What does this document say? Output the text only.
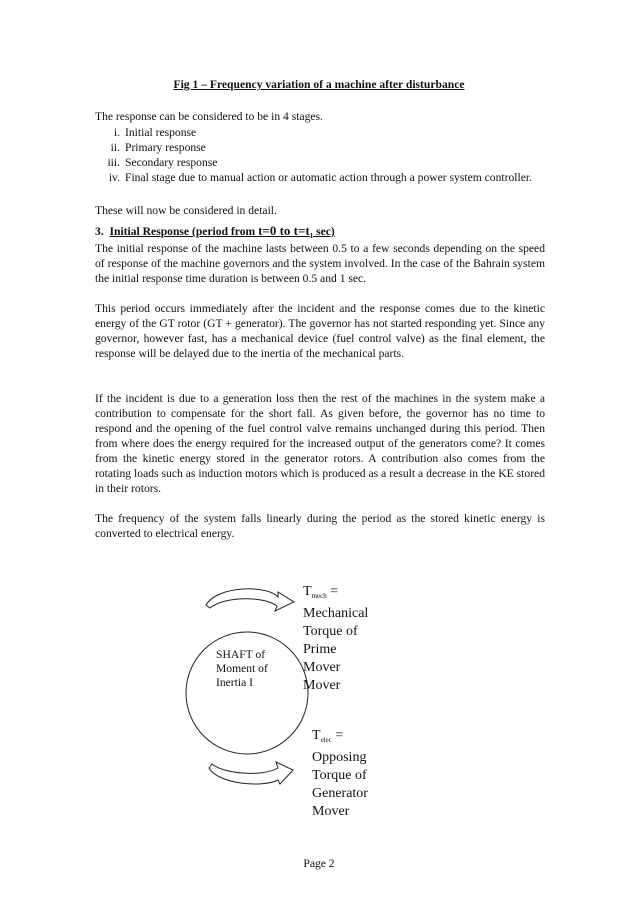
Fig 1 – Frequency variation of a machine after disturbance

The response can be considered to be in 4 stages.

i. Initial response
ii. Primary response
iii. Secondary response
iv. Final stage due to manual action or automatic action through a power system controller.

These will now be considered in detail.

3. Initial Response (period from t=0 to $t=t_1$ sec)

The initial response of the machine lasts between 0.5 to a few seconds depending on the speed of response of the machine governors and the system involved. In the case of the Bahrain system the initial response time duration is between 0.5 and 1 sec.

This period occurs immediately after the incident and the response comes due to the kinetic energy of the GT rotor (GT + generator). The governor has not started responding yet. Since any governor, however fast, has a mechanical device (fuel control valve) as the final element, the response will be delayed due to the inertia of the mechanical parts.

If the incident is due to a generation loss then the rest of the machines in the system make a contribution to compensate for the short fall. As given before, the governor has no time to respond and the opening of the fuel control valve remains unchanged during this period. Then from where does the energy required for the increased output of the generators come? It comes from the kinetic energy stored in the generator rotors. A contribution also comes from the rotating loads such as induction motors which is produced as a result a decrease in the KE stored in their rotors.

The frequency of the system falls linearly during the period as the stored kinetic energy is converted to electrical energy.

SHAFT of
Moment of
Inertia I
$T_{mech}$ =
Mechanical
Torque of
Prime
Mover
Mover
$T_{elec}$ =
Opposing
Torque of
Generator
Mover
Page 2
